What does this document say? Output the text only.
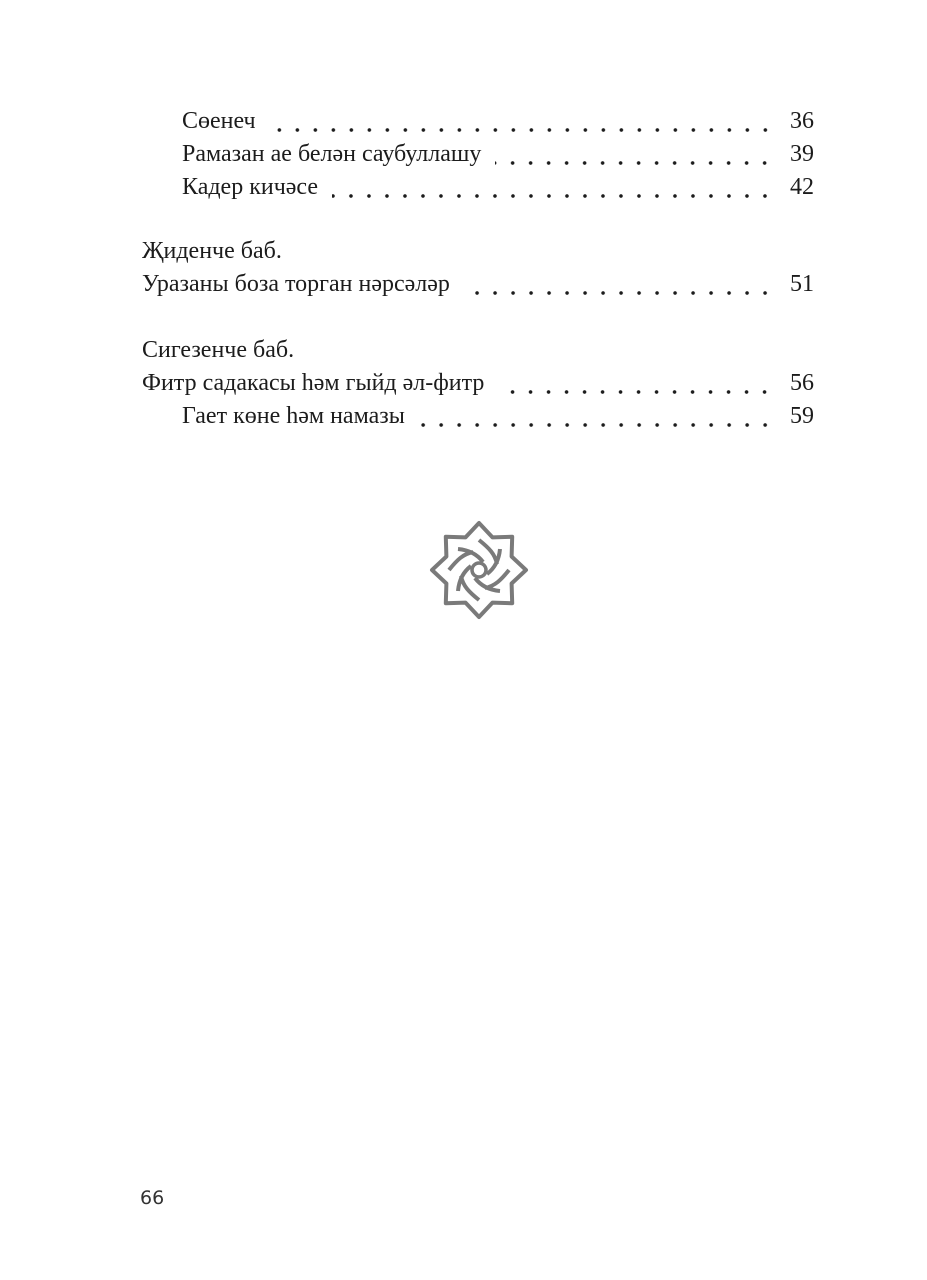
Сөенеч	36
Рамазан ае белән саубуллашу	39
Кадер кичәсе	42
Җиденче баб.
Уразаны боза торган нәрсәләр	51
Сигезенче баб.
Фитр садакасы һәм гыйд әл-фитр	56
Гает көне һәм намазы	59
66
